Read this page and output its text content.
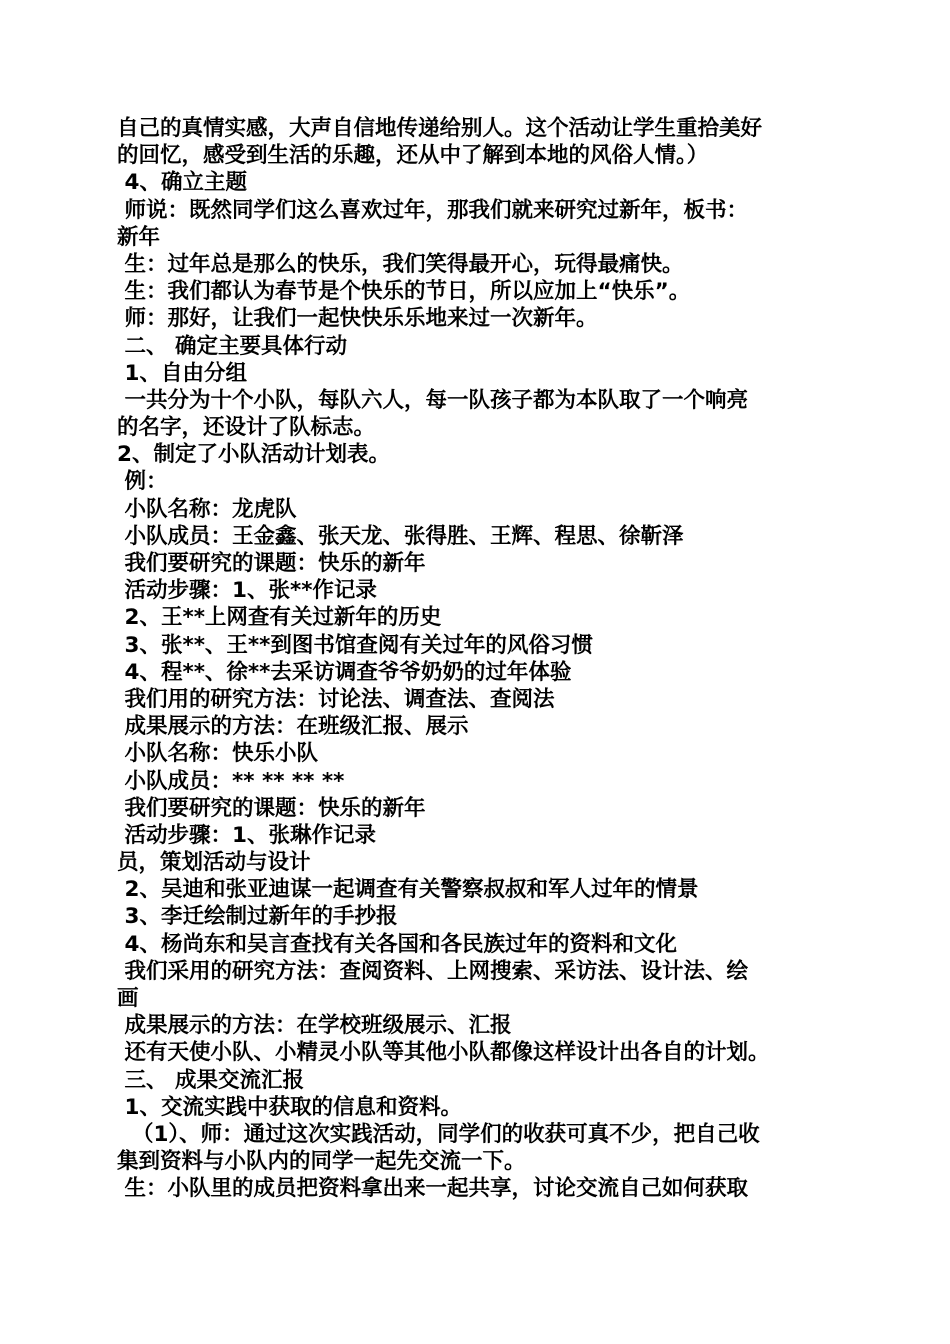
自己的真情实感，大声自信地传递给别人。这个活动让学生重拾美好
的回忆，感受到生活的乐趣，还从中了解到本地的风俗人情。）
4、确立主题
师说：既然同学们这么喜欢过年，那我们就来研究过新年，板书：
新年
生：过年总是那么的快乐，我们笑得最开心，玩得最痛快。
生：我们都认为春节是个快乐的节日，所以应加上“快乐”。
师：那好，让我们一起快快乐乐地来过一次新年。
二、 确定主要具体行动
1、自由分组
一共分为十个小队，每队六人，每一队孩子都为本队取了一个响亮
的名字，还设计了队标志。
2、制定了小队活动计划表。
例：
小队名称：龙虎队
小队成员：王金鑫、张天龙、张得胜、王辉、程思、徐靳泽
我们要研究的课题：快乐的新年
活动步骤：1、张**作记录
2、王**上网查有关过新年的历史
3、张**、王**到图书馆查阅有关过年的风俗习惯
4、程**、徐**去采访调查爷爷奶奶的过年体验
我们用的研究方法：讨论法、调查法、查阅法
成果展示的方法：在班级汇报、展示
小队名称：快乐小队
小队成员：** ** ** **
我们要研究的课题：快乐的新年
活动步骤：1、张琳作记录
员，策划活动与设计
2、吴迪和张亚迪谋一起调查有关警察叔叔和军人过年的情景
3、李迁绘制过新年的手抄报
4、杨尚东和吴言查找有关各国和各民族过年的资料和文化
我们采用的研究方法：查阅资料、上网搜索、采访法、设计法、绘
画
成果展示的方法：在学校班级展示、汇报
还有天使小队、小精灵小队等其他小队都像这样设计出各自的计划。
三、 成果交流汇报
1、交流实践中获取的信息和资料。
（1）、师：通过这次实践活动，同学们的收获可真不少，把自己收
集到资料与小队内的同学一起先交流一下。
生：小队里的成员把资料拿出来一起共享，讨论交流自己如何获取
